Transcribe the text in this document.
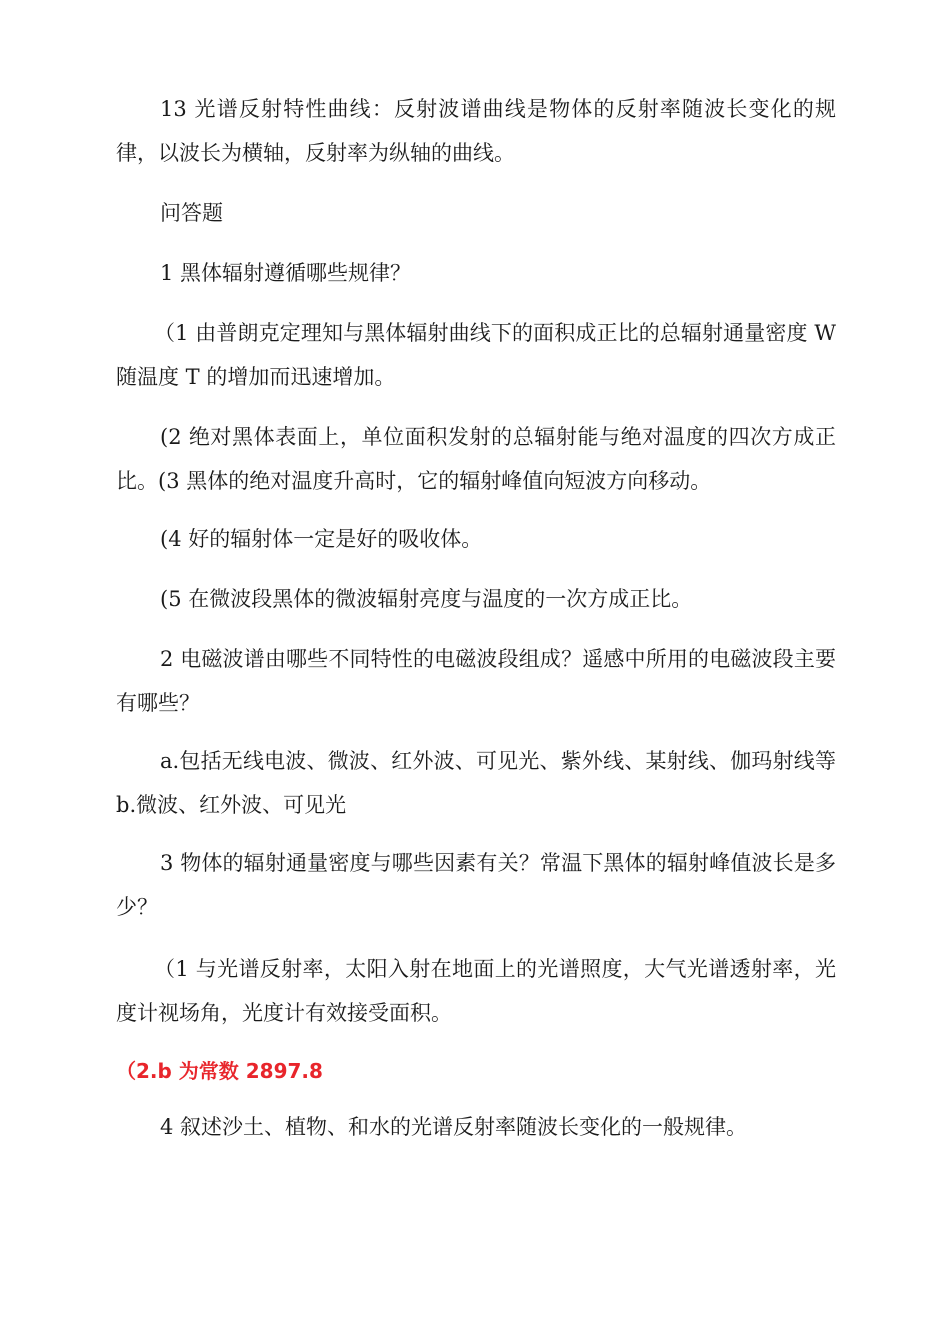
13 光谱反射特性曲线：反射波谱曲线是物体的反射率随波长变化的规律，以波长为横轴，反射率为纵轴的曲线。

问答题

1 黑体辐射遵循哪些规律？

（1 由普朗克定理知与黑体辐射曲线下的面积成正比的总辐射通量密度 W 随温度 T 的增加而迅速增加。

(2 绝对黑体表面上，单位面积发射的总辐射能与绝对温度的四次方成正比。(3 黑体的绝对温度升高时，它的辐射峰值向短波方向移动。

(4 好的辐射体一定是好的吸收体。

(5 在微波段黑体的微波辐射亮度与温度的一次方成正比。

2 电磁波谱由哪些不同特性的电磁波段组成？遥感中所用的电磁波段主要有哪些？

a.包括无线电波、微波、红外波、可见光、紫外线、某射线、伽玛射线等 b.微波、红外波、可见光

3 物体的辐射通量密度与哪些因素有关？常温下黑体的辐射峰值波长是多少？

（1 与光谱反射率，太阳入射在地面上的光谱照度，大气光谱透射率，光度计视场角，光度计有效接受面积。

（2.b 为常数 2897.8

4 叙述沙土、植物、和水的光谱反射率随波长变化的一般规律。
